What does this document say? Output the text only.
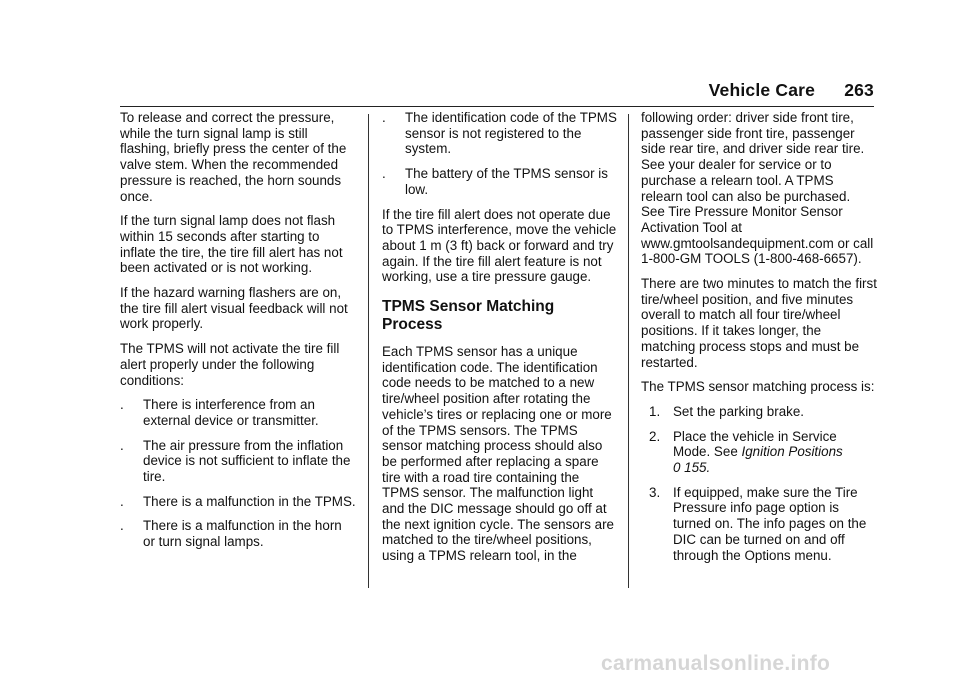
Vehicle Care 263

To release and correct the pressure, while the turn signal lamp is still flashing, briefly press the center of the valve stem. When the recommended pressure is reached, the horn sounds once.

If the turn signal lamp does not flash within 15 seconds after starting to inflate the tire, the tire fill alert has not been activated or is not working.

If the hazard warning flashers are on, the tire fill alert visual feedback will not work properly.

The TPMS will not activate the tire fill alert properly under the following conditions:

. There is interference from an external device or transmitter.
. The air pressure from the inflation device is not sufficient to inflate the tire.
. There is a malfunction in the TPMS.
. There is a malfunction in the horn or turn signal lamps.
. The identification code of the TPMS sensor is not registered to the system.
. The battery of the TPMS sensor is low.

If the tire fill alert does not operate due to TPMS interference, move the vehicle about 1 m (3 ft) back or forward and try again. If the tire fill alert feature is not working, use a tire pressure gauge.

TPMS Sensor Matching Process

Each TPMS sensor has a unique identification code. The identification code needs to be matched to a new tire/wheel position after rotating the vehicle’s tires or replacing one or more of the TPMS sensors. The TPMS sensor matching process should also be performed after replacing a spare tire with a road tire containing the TPMS sensor. The malfunction light and the DIC message should go off at the next ignition cycle. The sensors are matched to the tire/wheel positions, using a TPMS relearn tool, in the

following order: driver side front tire, passenger side front tire, passenger side rear tire, and driver side rear tire. See your dealer for service or to purchase a relearn tool. A TPMS relearn tool can also be purchased. See Tire Pressure Monitor Sensor Activation Tool at www.gmtoolsandequipment.com or call 1-800-GM TOOLS (1-800-468-6657).

There are two minutes to match the first tire/wheel position, and five minutes overall to match all four tire/wheel positions. If it takes longer, the matching process stops and must be restarted.

The TPMS sensor matching process is:

1. Set the parking brake.
2. Place the vehicle in Service Mode. See Ignition Positions
0 155.
3. If equipped, make sure the Tire Pressure info page option is turned on. The info pages on the DIC can be turned on and off through the Options menu.
carmanualsonline.info
